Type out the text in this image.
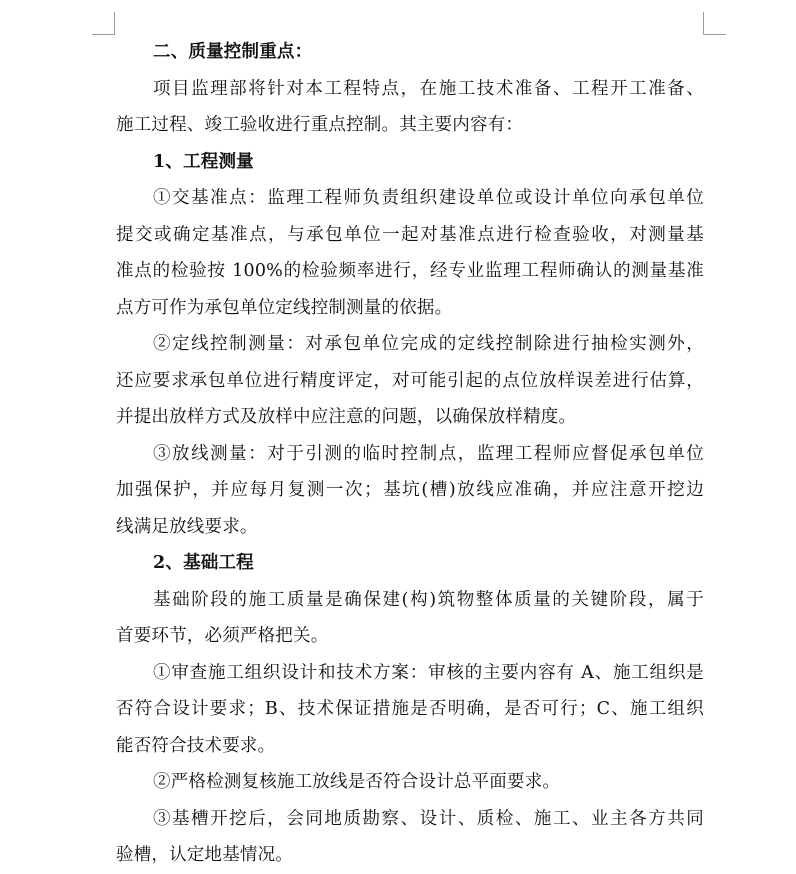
二、质量控制重点：
项目监理部将针对本工程特点，在施工技术准备、工程开工准备、
施工过程、竣工验收进行重点控制。其主要内容有：
1、工程测量
①交基准点：监理工程师负责组织建设单位或设计单位向承包单位
提交或确定基准点，与承包单位一起对基准点进行检查验收，对测量基
准点的检验按 100%的检验频率进行，经专业监理工程师确认的测量基准
点方可作为承包单位定线控制测量的依据。
②定线控制测量：对承包单位完成的定线控制除进行抽检实测外，
还应要求承包单位进行精度评定，对可能引起的点位放样误差进行估算，
并提出放样方式及放样中应注意的问题，以确保放样精度。
③放线测量：对于引测的临时控制点，监理工程师应督促承包单位
加强保护，并应每月复测一次；基坑(槽)放线应准确，并应注意开挖边
线满足放线要求。
2、基础工程
基础阶段的施工质量是确保建(构)筑物整体质量的关键阶段，属于
首要环节，必须严格把关。
①审查施工组织设计和技术方案：审核的主要内容有 A、施工组织是
否符合设计要求；B、技术保证措施是否明确，是否可行；C、施工组织
能否符合技术要求。
②严格检测复核施工放线是否符合设计总平面要求。
③基槽开挖后，会同地质勘察、设计、质检、施工、业主各方共同
验槽，认定地基情况。
